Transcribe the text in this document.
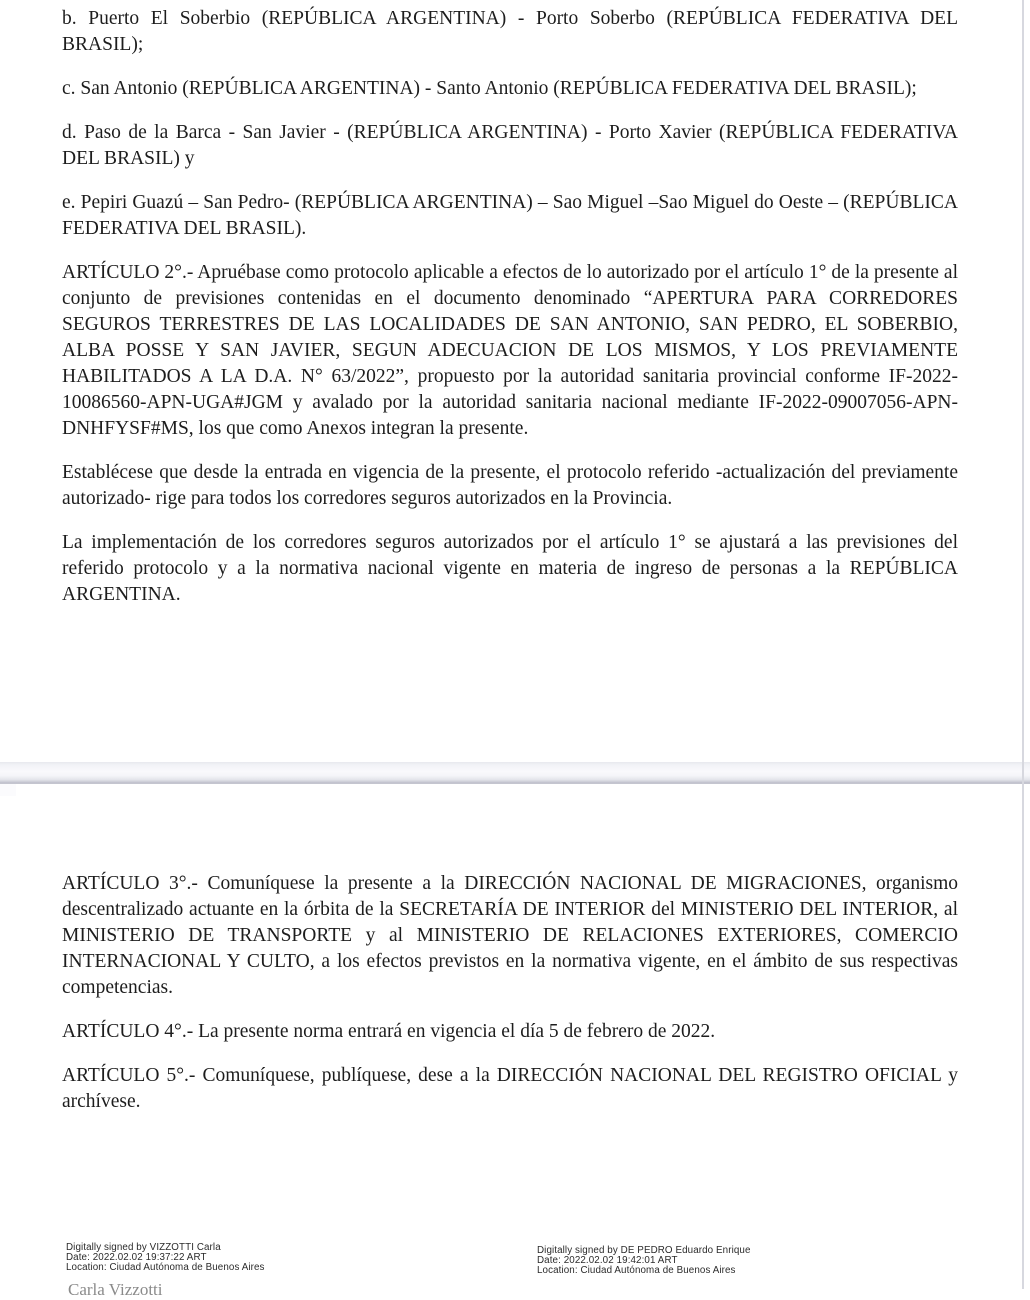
b. Puerto El Soberbio (REPÚBLICA ARGENTINA) - Porto Soberbo (REPÚBLICA FEDERATIVA DEL BRASIL);

c. San Antonio (REPÚBLICA ARGENTINA) - Santo Antonio (REPÚBLICA FEDERATIVA DEL BRASIL);

d. Paso de la Barca - San Javier - (REPÚBLICA ARGENTINA) - Porto Xavier (REPÚBLICA FEDERATIVA DEL BRASIL) y

e. Pepiri Guazú – San Pedro- (REPÚBLICA ARGENTINA) – Sao Miguel –Sao Miguel do Oeste – (REPÚBLICA FEDERATIVA DEL BRASIL).

ARTÍCULO 2°.- Apruébase como protocolo aplicable a efectos de lo autorizado por el artículo 1° de la presente al conjunto de previsiones contenidas en el documento denominado “APERTURA PARA CORREDORES SEGUROS TERRESTRES DE LAS LOCALIDADES DE SAN ANTONIO, SAN PEDRO, EL SOBERBIO, ALBA POSSE Y SAN JAVIER, SEGUN ADECUACION DE LOS MISMOS, Y LOS PREVIAMENTE HABILITADOS A LA D.A. N° 63/2022”, propuesto por la autoridad sanitaria provincial conforme IF-2022-10086560-APN-UGA#JGM y avalado por la autoridad sanitaria nacional mediante IF-2022-09007056-APN-DNHFYSF#MS, los que como Anexos integran la presente.

Establécese que desde la entrada en vigencia de la presente, el protocolo referido -actualización del previamente autorizado- rige para todos los corredores seguros autorizados en la Provincia.

La implementación de los corredores seguros autorizados por el artículo 1° se ajustará a las previsiones del referido protocolo y a la normativa nacional vigente en materia de ingreso de personas a la REPÚBLICA ARGENTINA.

ARTÍCULO 3°.- Comuníquese la presente a la DIRECCIÓN NACIONAL DE MIGRACIONES, organismo descentralizado actuante en la órbita de la SECRETARÍA DE INTERIOR del MINISTERIO DEL INTERIOR, al MINISTERIO DE TRANSPORTE y al MINISTERIO DE RELACIONES EXTERIORES, COMERCIO INTERNACIONAL Y CULTO, a los efectos previstos en la normativa vigente, en el ámbito de sus respectivas competencias.

ARTÍCULO 4°.- La presente norma entrará en vigencia el día 5 de febrero de 2022.

ARTÍCULO 5°.- Comuníquese, publíquese, dese a la DIRECCIÓN NACIONAL DEL REGISTRO OFICIAL y archívese.

Digitally signed by VIZZOTTI Carla
Date: 2022.02.02 19:37:22 ART
Location: Ciudad Autónoma de Buenos Aires
Digitally signed by DE PEDRO Eduardo Enrique
Date: 2022.02.02 19:42:01 ART
Location: Ciudad Autónoma de Buenos Aires
Carla Vizzotti
